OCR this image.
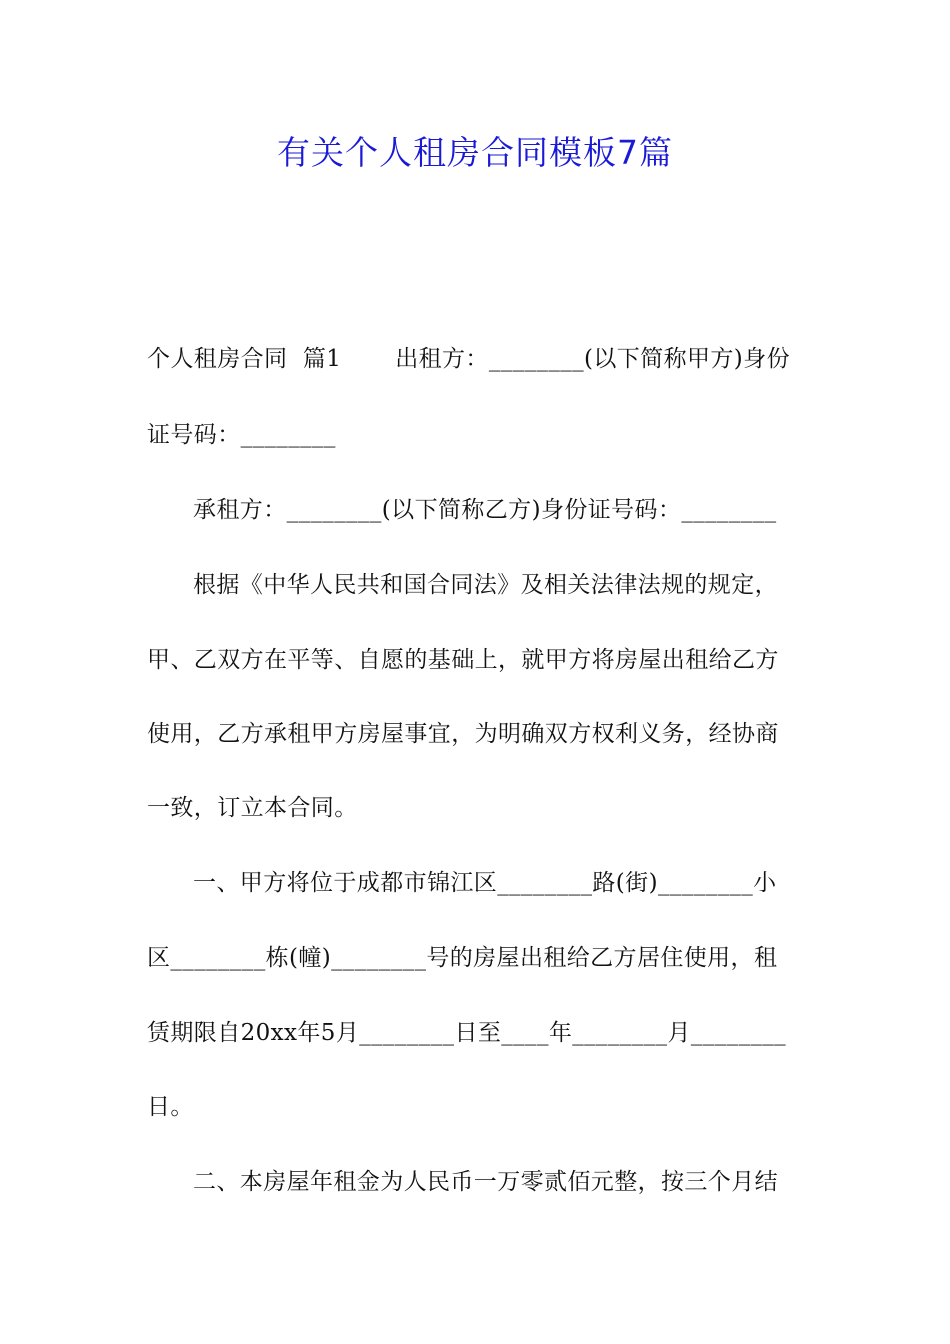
有关个人租房合同模板7篇
个人租房合同  篇1       出租方：________(以下简称甲方)身份
证号码：________
承租方：________(以下简称乙方)身份证号码：________
根据《中华人民共和国合同法》及相关法律法规的规定，
甲、乙双方在平等、自愿的基础上，就甲方将房屋出租给乙方
使用，乙方承租甲方房屋事宜，为明确双方权利义务，经协商
一致，订立本合同。
一、甲方将位于成都市锦江区________路(街)________小
区________栋(幢)________号的房屋出租给乙方居住使用，租
赁期限自20xx年5月________日至____年________月________
日。
二、本房屋年租金为人民币一万零贰佰元整，按三个月结
